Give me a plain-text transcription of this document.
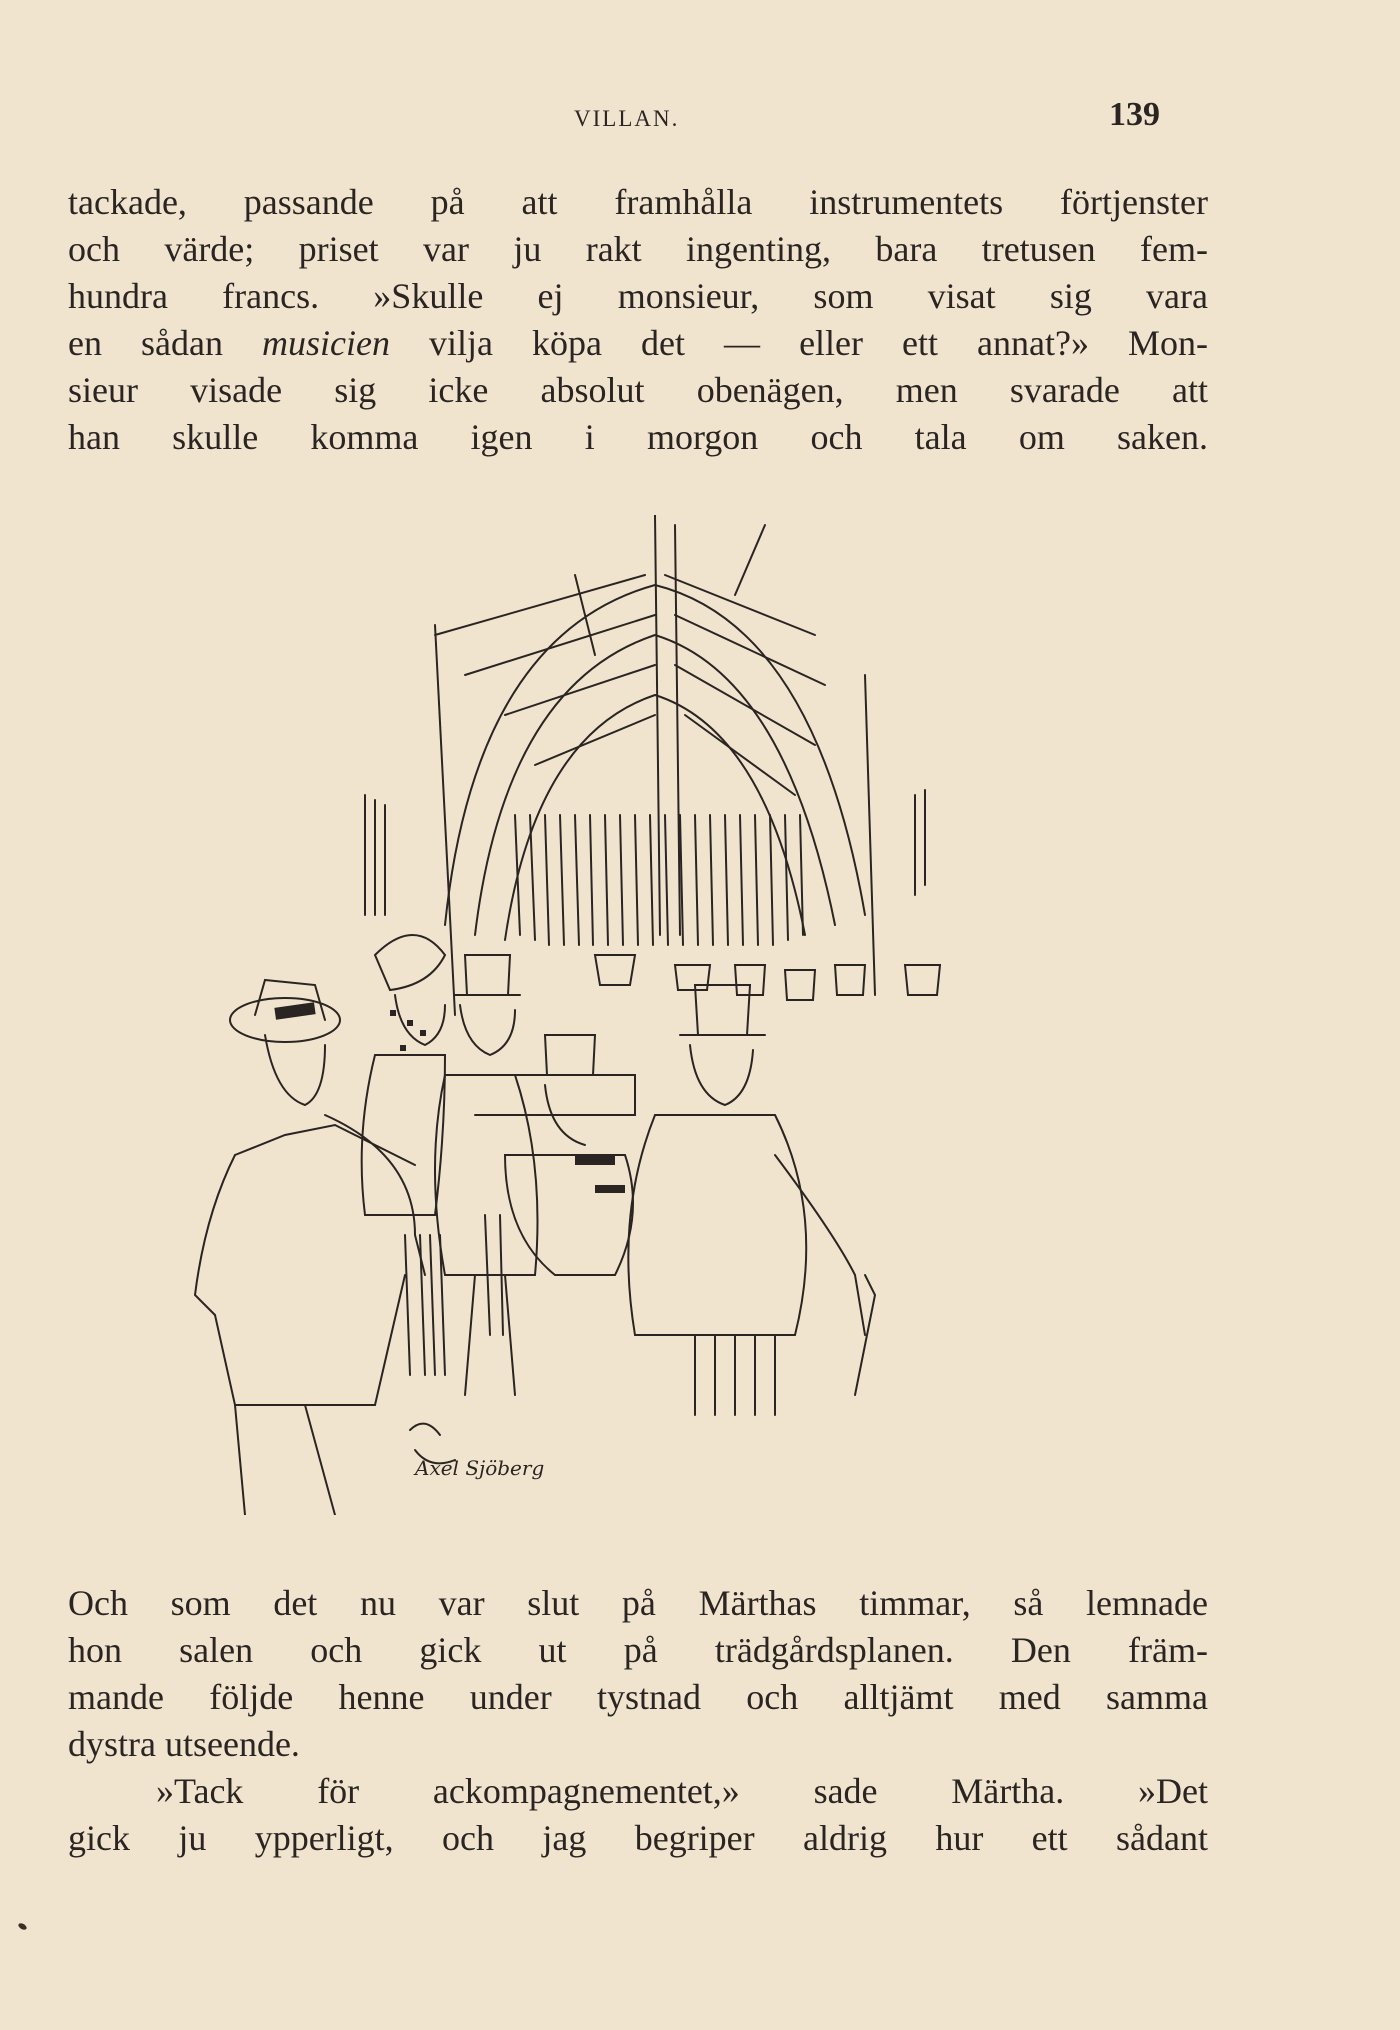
VILLAN.	139
tackade, passande på att framhålla instrumentets förtjenster
och värde; priset var ju rakt ingenting, bara tretusen fem-
hundra francs. »Skulle ej monsieur, som visat sig vara
en sådan musicien vilja köpa det — eller ett annat?» Mon-
sieur visade sig icke absolut obenägen, men svarade att
han skulle komma igen i morgon och tala om saken.
Axel Sjöberg
Och som det nu var slut på Märthas timmar, så lemnade
hon salen och gick ut på trädgårdsplanen. Den främ-
mande följde henne under tystnad och alltjämt med samma
dystra utseende.
»Tack för ackompagnementet,» sade Märtha. »Det
gick ju ypperligt, och jag begriper aldrig hur ett sådant
